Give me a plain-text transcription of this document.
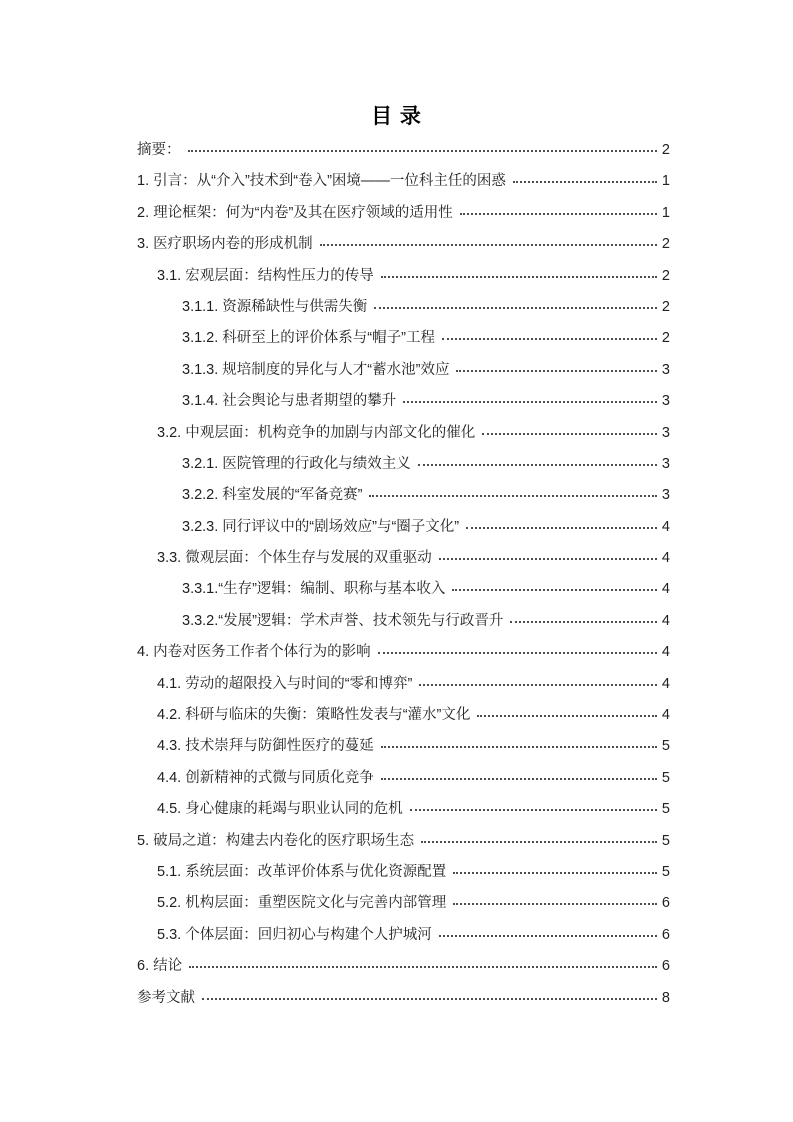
目 录
摘要：	2
1. 引言：从“介入”技术到“卷入”困境——一位科主任的困惑	1
2. 理论框架：何为“内卷”及其在医疗领域的适用性	1
3. 医疗职场内卷的形成机制	2
3.1. 宏观层面：结构性压力的传导	2
3.1.1. 资源稀缺性与供需失衡	2
3.1.2. 科研至上的评价体系与“帽子”工程	2
3.1.3. 规培制度的异化与人才“蓄水池”效应	3
3.1.4. 社会舆论与患者期望的攀升	3
3.2. 中观层面：机构竞争的加剧与内部文化的催化	3
3.2.1. 医院管理的行政化与绩效主义	3
3.2.2. 科室发展的“军备竞赛”	3
3.2.3. 同行评议中的“剧场效应”与“圈子文化”	4
3.3. 微观层面：个体生存与发展的双重驱动	4
3.3.1.“生存”逻辑：编制、职称与基本收入	4
3.3.2.“发展”逻辑：学术声誉、技术领先与行政晋升	4
4. 内卷对医务工作者个体行为的影响	4
4.1. 劳动的超限投入与时间的“零和博弈”	4
4.2. 科研与临床的失衡：策略性发表与“灌水”文化	4
4.3. 技术崇拜与防御性医疗的蔓延	5
4.4. 创新精神的式微与同质化竞争	5
4.5. 身心健康的耗竭与职业认同的危机	5
5. 破局之道：构建去内卷化的医疗职场生态	5
5.1. 系统层面：改革评价体系与优化资源配置	5
5.2. 机构层面：重塑医院文化与完善内部管理	6
5.3. 个体层面：回归初心与构建个人护城河	6
6. 结论	6
参考文献	8
